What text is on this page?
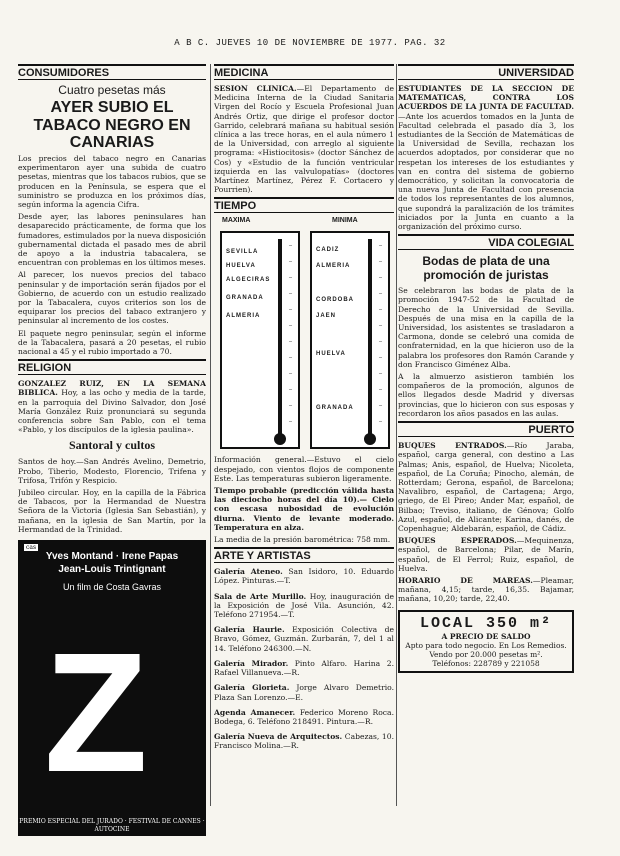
A B C. JUEVES 10 DE NOVIEMBRE DE 1977. PAG. 32
CONSUMIDORES
Cuatro pesetas más
AYER SUBIO EL TABACO NEGRO EN CANARIAS

Los precios del tabaco negro en Canarias experimentaron ayer una subida de cuatro pesetas, mientras que los tabacos rubios, que se producen en la Península, se espera que el suministro se produzca en los próximos días, según informa la agencia Cifra.

Desde ayer, las labores peninsulares han desaparecido prácticamente, de forma que los fumadores, estimulados por la nueva disposición gubernamental dictada el pasado mes de abril de apoyo a la industria tabacalera, se encuentran con problemas en los últimos meses.

Al parecer, los nuevos precios del tabaco peninsular y de importación serán fijados por el Gobierno, de acuerdo con un estudio realizado por la Tabacalera, cuyos criterios son los de equiparar los precios del tabaco extranjero y peninsular al incremento de los costes.

El paquete negro peninsular, según el informe de la Tabacalera, pasará a 20 pesetas, el rubio nacional a 45 y el rubio importado a 70.

RELIGION

GONZALEZ RUIZ, EN LA SEMANA BIBLICA. Hoy, a las ocho y media de la tarde, en la parroquia del Divino Salvador, don José María González Ruiz pronunciará su segunda conferencia sobre San Pablo, con el tema «Pablo, y los discípulos de la iglesia paulina».

Santoral y cultos

Santos de hoy.—San Andrés Avelino, Demetrio, Probo, Tiberio, Modesto, Florencio, Trifena y Trifosa, Trifón y Respicio.

Jubileo circular. Hoy, en la capilla de la Fábrica de Tabacos, por la Hermandad de Nuestra Señora de la Victoria (Iglesia San Sebastián), y mañana, en la iglesia de San Martín, por la Hermandad de la Trinidad.

cas
Yves Montand · Irene Papas
Jean-Louis Trintignant
Un film de Costa Gavras
Z
PREMIO ESPECIAL DEL JURADO · FESTIVAL DE CANNES · AUTOCINE
MEDICINA

SESION CLINICA.—El Departamento de Medicina Interna de la Ciudad Sanitaria Virgen del Rocío y Escuela Profesional Juan Andrés Ortiz, que dirige el profesor doctor Garrido, celebrará mañana su habitual sesión clínica a las trece horas, en el aula número 1 de la Universidad, con arreglo al siguiente programa: «Histiocitosis» (doctor Sánchez de Cos) y «Estudio de la función ventricular izquierda en las valvulopatías» (doctores Martínez Martínez, Pérez F. Cortacero y Pourrien).

TIEMPO
MAXIMA	MINIMA
SEVILLA
HUELVA
ALGECIRAS
GRANADA
ALMERIA
—
—
—
—
—
—
—
—
—
—
—
—
CADIZ
ALMERIA
CORDOBA
JAEN
HUELVA
GRANADA
—
—
—
—
—
—
—
—
—
—
—
—

Información general.—Estuvo el cielo despejado, con vientos flojos de componente Este. Las temperaturas subieron ligeramente.

Tiempo probable (predicción válida hasta las dieciocho horas del día 10).— Cielo con escasa nubosidad de evolución diurna. Viento de levante moderado. Temperatura en alza.

La media de la presión barométrica: 758 mm.

ARTE Y ARTISTAS

Galería Ateneo. San Isidoro, 10. Eduardo López. Pinturas.—T.

Sala de Arte Murillo. Hoy, inauguración de la Exposición de José Vila. Asunción, 42. Teléfono 271954.—T.

Galería Haurie. Exposición Colectiva de Bravo, Gómez, Guzmán. Zurbarán, 7, del 1 al 14. Teléfono 246300.—N.

Galería Mirador. Pinto Alfaro. Harina 2. Rafael Villanueva.—R.

Galería Glorieta. Jorge Alvaro Demetrio. Plaza San Lorenzo.—E.

Agenda Amanecer. Federico Moreno Roca. Bodega, 6. Teléfono 218491. Pintura.—R.

Galería Nueva de Arquitectos. Cabezas, 10. Francisco Molina.—R.

UNIVERSIDAD

ESTUDIANTES DE LA SECCION DE MATEMATICAS, CONTRA LOS ACUERDOS DE LA JUNTA DE FACULTAD.—Ante los acuerdos tomados en la Junta de Facultad celebrada el pasado día 3, los estudiantes de la Sección de Matemáticas de la Universidad de Sevilla, rechazan los acuerdos adoptados, por considerar que no respetan los intereses de los estudiantes y van en contra del sistema de gobierno democrático, y solicitan la convocatoria de una nueva Junta de Facultad con presencia de todos los representantes de los alumnos, que supondrá la paralización de los trámites iniciados por la Junta en cuanto a la organización del próximo curso.

VIDA COLEGIAL
Bodas de plata de una promoción de juristas

Se celebraron las bodas de plata de la promoción 1947-52 de la Facultad de Derecho de la Universidad de Sevilla. Después de una misa en la capilla de la Universidad, los asistentes se trasladaron a Carmona, donde se celebró una comida de confraternidad, en la que hicieron uso de la palabra los profesores don Ramón Carande y don Francisco Giménez Alba.

A la almuerzo asistieron también los compañeros de la promoción, algunos de ellos llegados desde Madrid y diversas provincias, que lo hicieron con sus esposas y recordaron los años pasados en las aulas.

PUERTO

BUQUES ENTRADOS.—Río Jaraba, español, carga general, con destino a Las Palmas; Anis, español, de Huelva; Nicoleta, español, de La Coruña; Pinocho, alemán, de Rotterdam; Gerona, español, de Barcelona; Navalibro, español, de Cartagena; Argo, griego, de El Pireo; Ander Mar, español, de Bilbao; Treviso, italiano, de Génova; Golfo Azul, español, de Alicante; Karina, danés, de Copenhague; Aldebarán, español, de Cádiz.

BUQUES ESPERADOS.—Mequinenza, español, de Barcelona; Pilar, de Marín, español, de El Ferrol; Ruiz, español, de Huelva.

HORARIO DE MAREAS.—Pleamar, mañana, 4,15; tarde, 16,35. Bajamar, mañana, 10,20; tarde, 22,40.

LOCAL 350 m²
A PRECIO DE SALDO
Apto para todo negocio. En Los Remedios. Vendo por 20.000 pesetas m².
Teléfonos: 228789 y 221058
